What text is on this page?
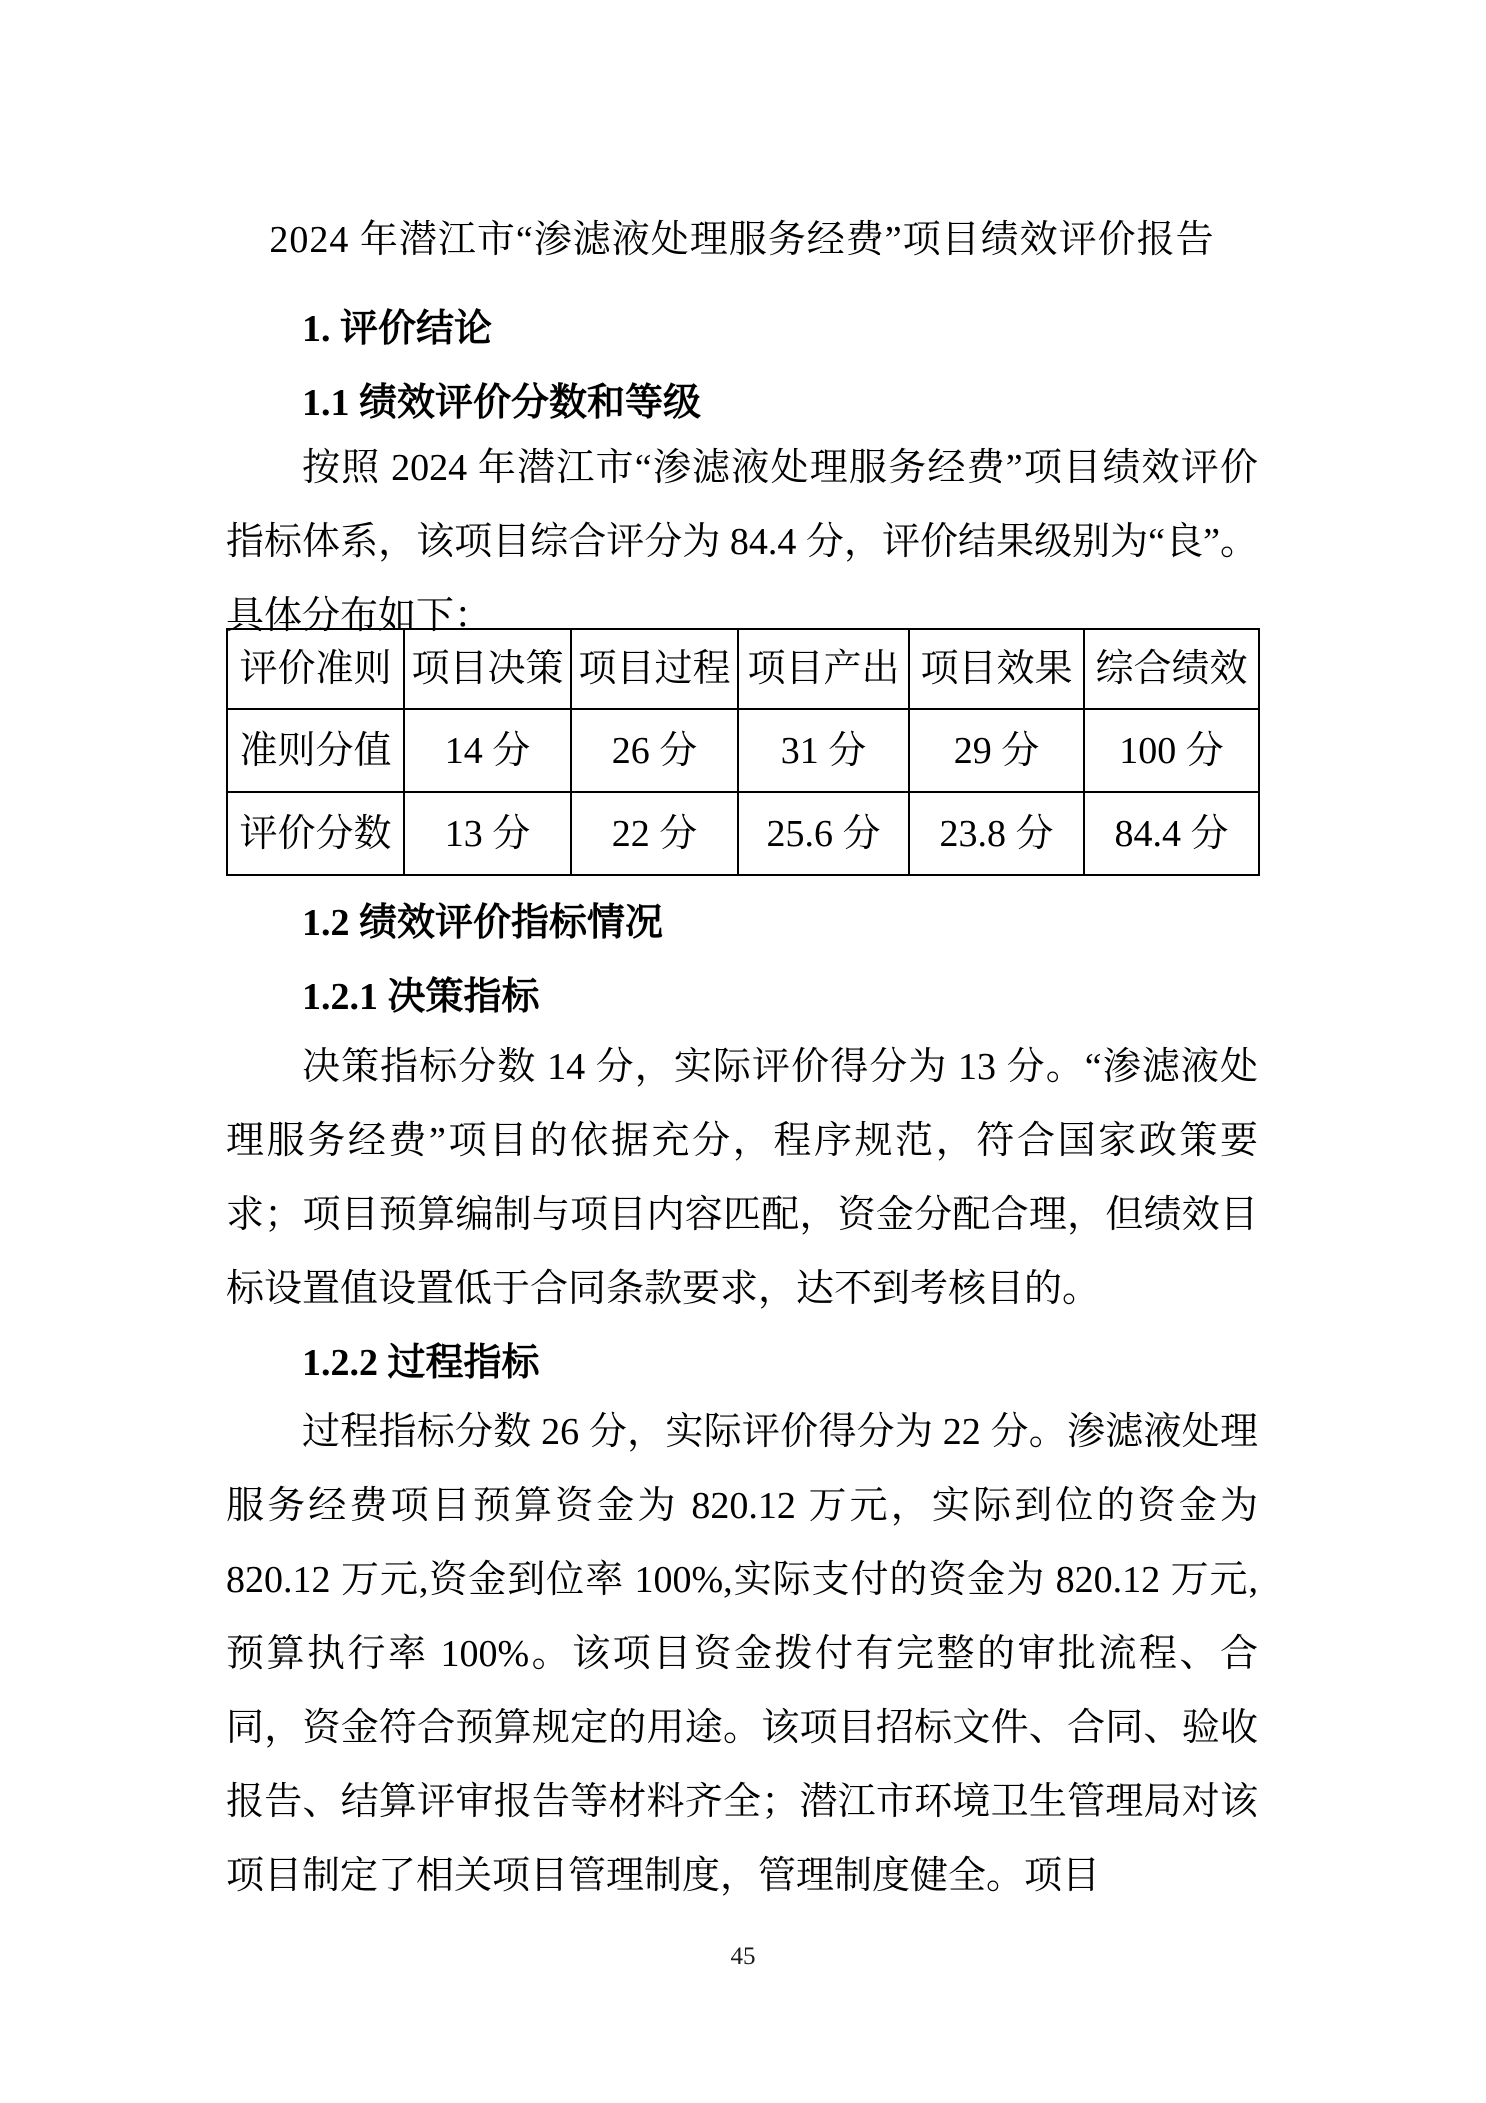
2024 年潜江市“渗滤液处理服务经费”项目绩效评价报告
1. 评价结论
1.1 绩效评价分数和等级
按照 2024 年潜江市“渗滤液处理服务经费”项目绩效评价指标体系，该项目综合评分为 84.4 分，评价结果级别为“良”。具体分布如下：
评价准则	项目决策	项目过程	项目产出	项目效果	综合绩效
准则分值	14 分	26 分	31 分	29 分	100 分
评价分数	13 分	22 分	25.6 分	23.8 分	84.4 分
1.2 绩效评价指标情况
1.2.1 决策指标
决策指标分数 14 分，实际评价得分为 13 分。“渗滤液处理服务经费”项目的依据充分，程序规范，符合国家政策要求；项目预算编制与项目内容匹配，资金分配合理，但绩效目标设置值设置低于合同条款要求，达不到考核目的。
1.2.2 过程指标
过程指标分数 26 分，实际评价得分为 22 分。渗滤液处理服务经费项目预算资金为 820.12 万元，实际到位的资金为 820.12 万元,资金到位率 100%,实际支付的资金为 820.12 万元,预算执行率 100%。该项目资金拨付有完整的审批流程、合同，资金符合预算规定的用途。该项目招标文件、合同、验收报告、结算评审报告等材料齐全；潜江市环境卫生管理局对该项目制定了相关项目管理制度，管理制度健全。项目
45
